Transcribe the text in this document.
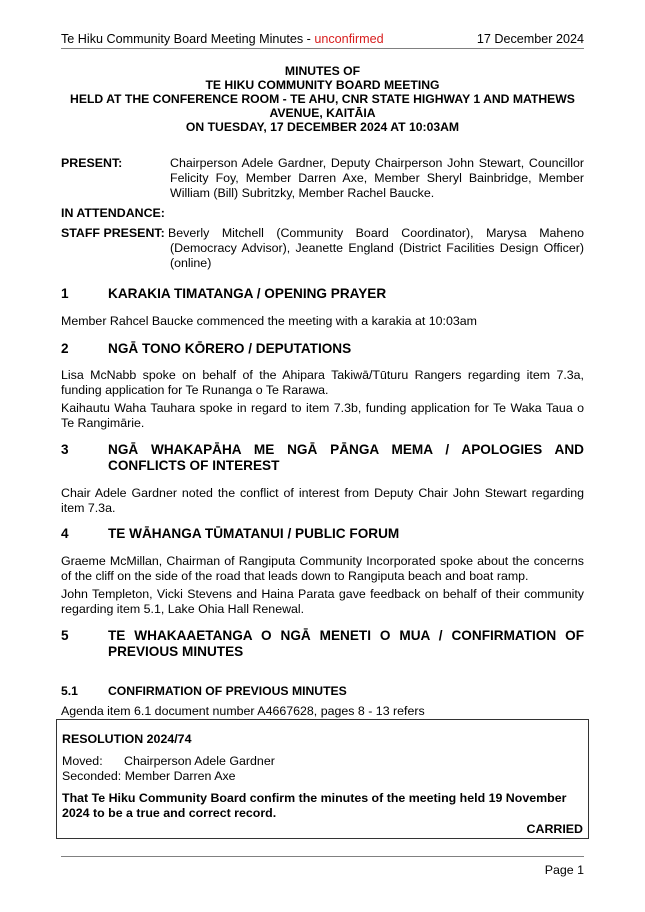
Te Hiku Community Board Meeting Minutes - unconfirmed	17 December 2024
MINUTES OF
TE HIKU COMMUNITY BOARD MEETING
HELD AT THE CONFERENCE ROOM - TE AHU, CNR STATE HIGHWAY 1 AND MATHEWS
AVENUE, KAITĀIA
ON TUESDAY, 17 DECEMBER 2024 AT 10:03AM
PRESENT:	Chairperson Adele Gardner, Deputy Chairperson John Stewart, Councillor Felicity Foy, Member Darren Axe, Member Sheryl Bainbridge, Member William (Bill) Subritzky, Member Rachel Baucke.
IN ATTENDANCE:
STAFF PRESENT: Beverly Mitchell (Community Board Coordinator), Marysa Maheno (Democracy Advisor), Jeanette England (District Facilities Design Officer)(online)
1	KARAKIA TIMATANGA / OPENING PRAYER
Member Rahcel Baucke commenced the meeting with a karakia at 10:03am
2	NGĀ TONO KŌRERO / DEPUTATIONS
Lisa McNabb spoke on behalf of the Ahipara Takiwā/Tūturu Rangers regarding item 7.3a, funding application for Te Runanga o Te Rarawa.
Kaihautu Waha Tauhara spoke in regard to item 7.3b, funding application for Te Waka Taua o Te Rangimārie.
3	NGĀ WHAKAPĀHA ME NGĀ PĀNGA MEMA / APOLOGIES AND CONFLICTS OF INTEREST
Chair Adele Gardner noted the conflict of interest from Deputy Chair John Stewart regarding item 7.3a.
4	TE WĀHANGA TŪMATANUI / PUBLIC FORUM
Graeme McMillan, Chairman of Rangiputa Community Incorporated spoke about the concerns of the cliff on the side of the road that leads down to Rangiputa beach and boat ramp.
John Templeton, Vicki Stevens and Haina Parata gave feedback on behalf of their community regarding item 5.1, Lake Ohia Hall Renewal.
5	TE WHAKAAETANGA O NGĀ MENETI O MUA / CONFIRMATION OF PREVIOUS MINUTES
5.1 CONFIRMATION OF PREVIOUS MINUTES
Agenda item 6.1 document number A4667628, pages 8 - 13 refers
RESOLUTION 2024/74
Moved: Chairperson Adele Gardner
Seconded: Member Darren Axe
That Te Hiku Community Board confirm the minutes of the meeting held 19 November 2024 to be a true and correct record.
CARRIED
Page 1
